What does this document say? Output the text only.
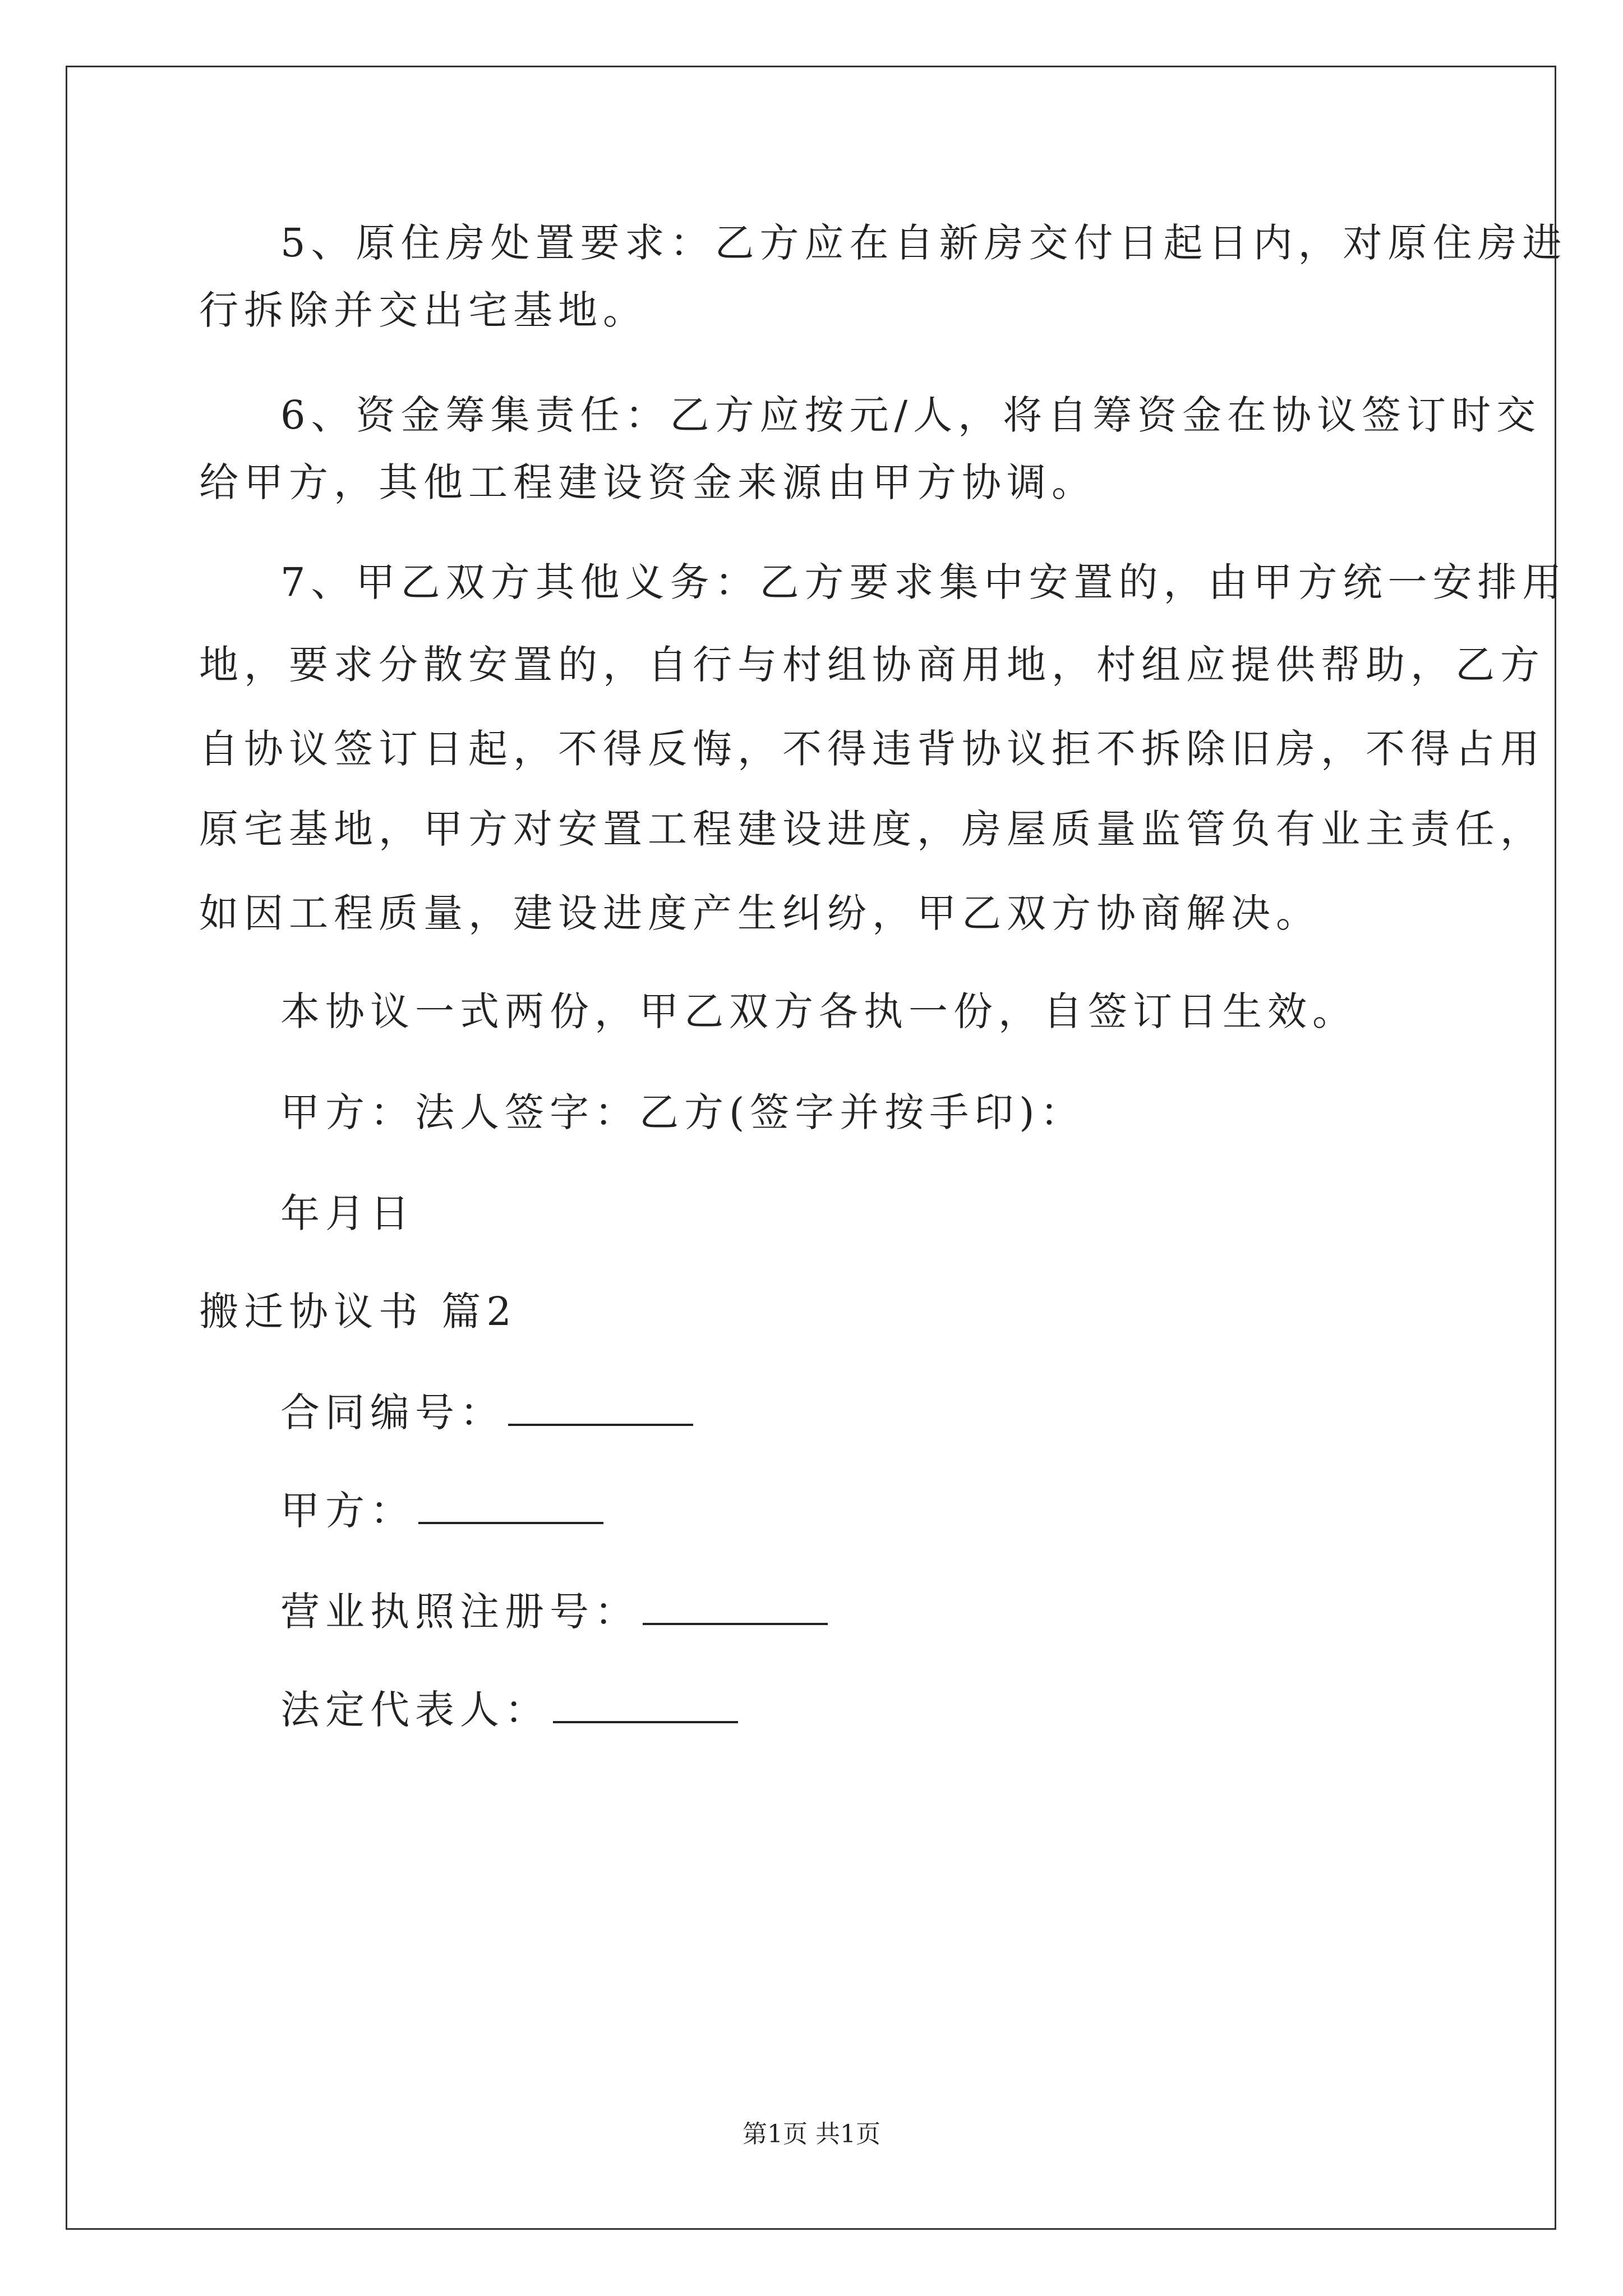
5、原住房处置要求：乙方应在自新房交付日起日内，对原住房进
行拆除并交出宅基地。
6、资金筹集责任：乙方应按元/人，将自筹资金在协议签订时交
给甲方，其他工程建设资金来源由甲方协调。
7、甲乙双方其他义务：乙方要求集中安置的，由甲方统一安排用
地，要求分散安置的，自行与村组协商用地，村组应提供帮助，乙方
自协议签订日起，不得反悔，不得违背协议拒不拆除旧房，不得占用
原宅基地，甲方对安置工程建设进度，房屋质量监管负有业主责任，
如因工程质量，建设进度产生纠纷，甲乙双方协商解决。
本协议一式两份，甲乙双方各执一份，自签订日生效。
甲方：法人签字：乙方(签字并按手印)：
年月日
搬迁协议书 篇2
合同编号：
甲方：
营业执照注册号：
法定代表人：
第1页 共1页
